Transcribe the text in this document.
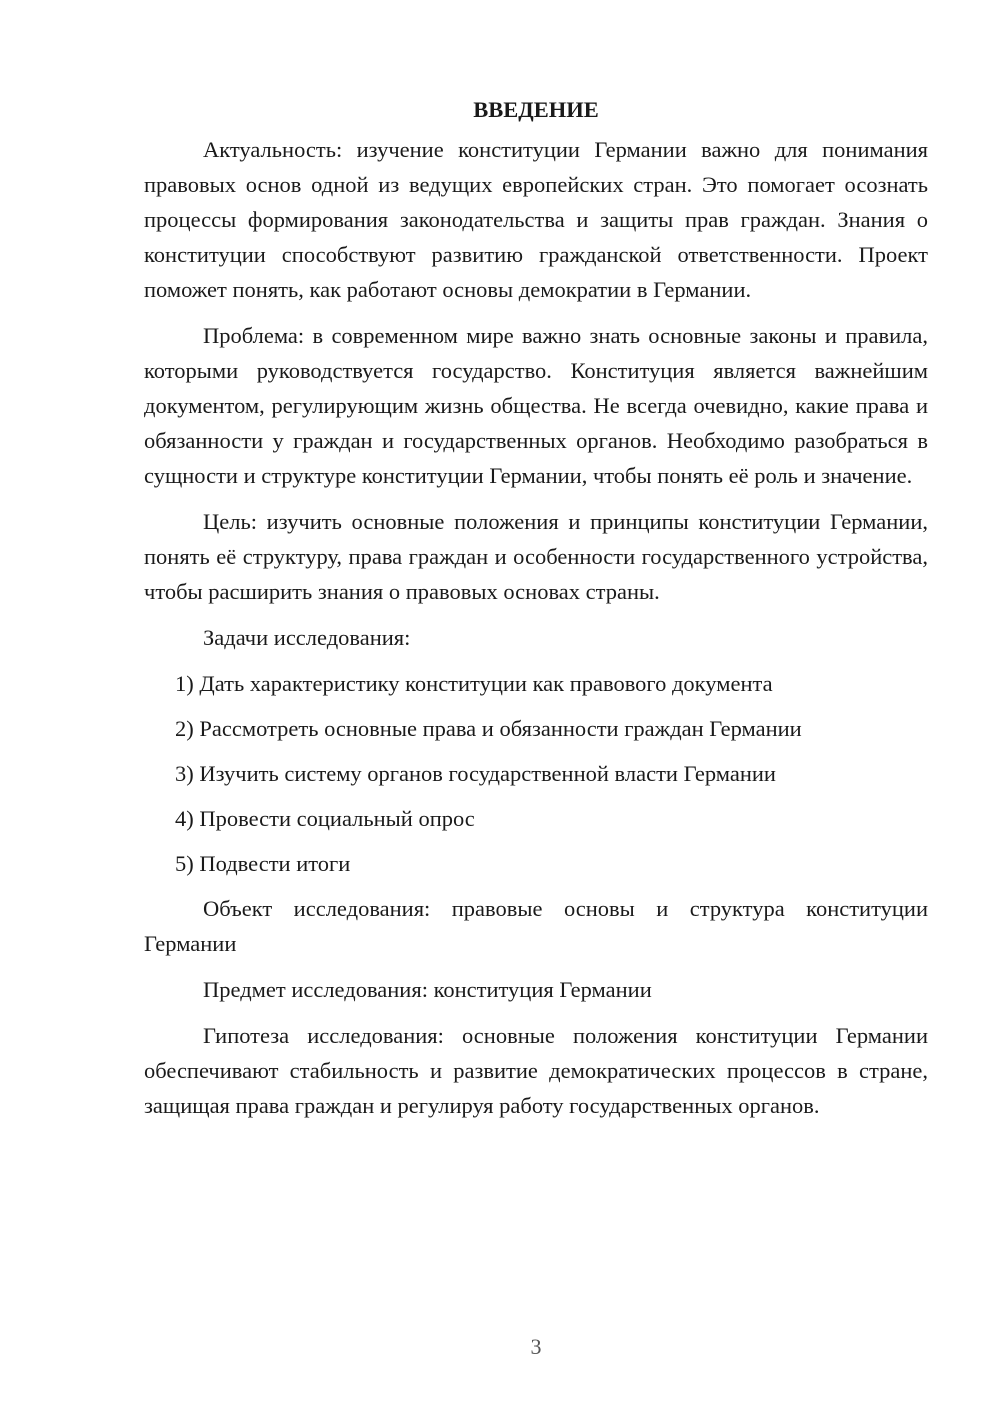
ВВЕДЕНИЕ

Актуальность: изучение конституции Германии важно для понимания правовых основ одной из ведущих европейских стран. Это помогает осознать процессы формирования законодательства и защиты прав граждан. Знания о конституции способствуют развитию гражданской ответственности. Проект поможет понять, как работают основы демократии в Германии.

Проблема: в современном мире важно знать основные законы и правила, которыми руководствуется государство. Конституция является важнейшим документом, регулирующим жизнь общества. Не всегда очевидно, какие права и обязанности у граждан и государственных органов. Необходимо разобраться в сущности и структуре конституции Германии, чтобы понять её роль и значение.

Цель: изучить основные положения и принципы конституции Германии, понять её структуру, права граждан и особенности государственного устройства, чтобы расширить знания о правовых основах страны.

Задачи исследования:

1) Дать характеристику конституции как правового документа

2) Рассмотреть основные права и обязанности граждан Германии

3) Изучить систему органов государственной власти Германии

4) Провести социальный опрос

5) Подвести итоги

Объект исследования: правовые основы и структура конституции Германии

Предмет исследования: конституция Германии

Гипотеза исследования: основные положения конституции Германии обеспечивают стабильность и развитие демократических процессов в стране, защищая права граждан и регулируя работу государственных органов.

3
